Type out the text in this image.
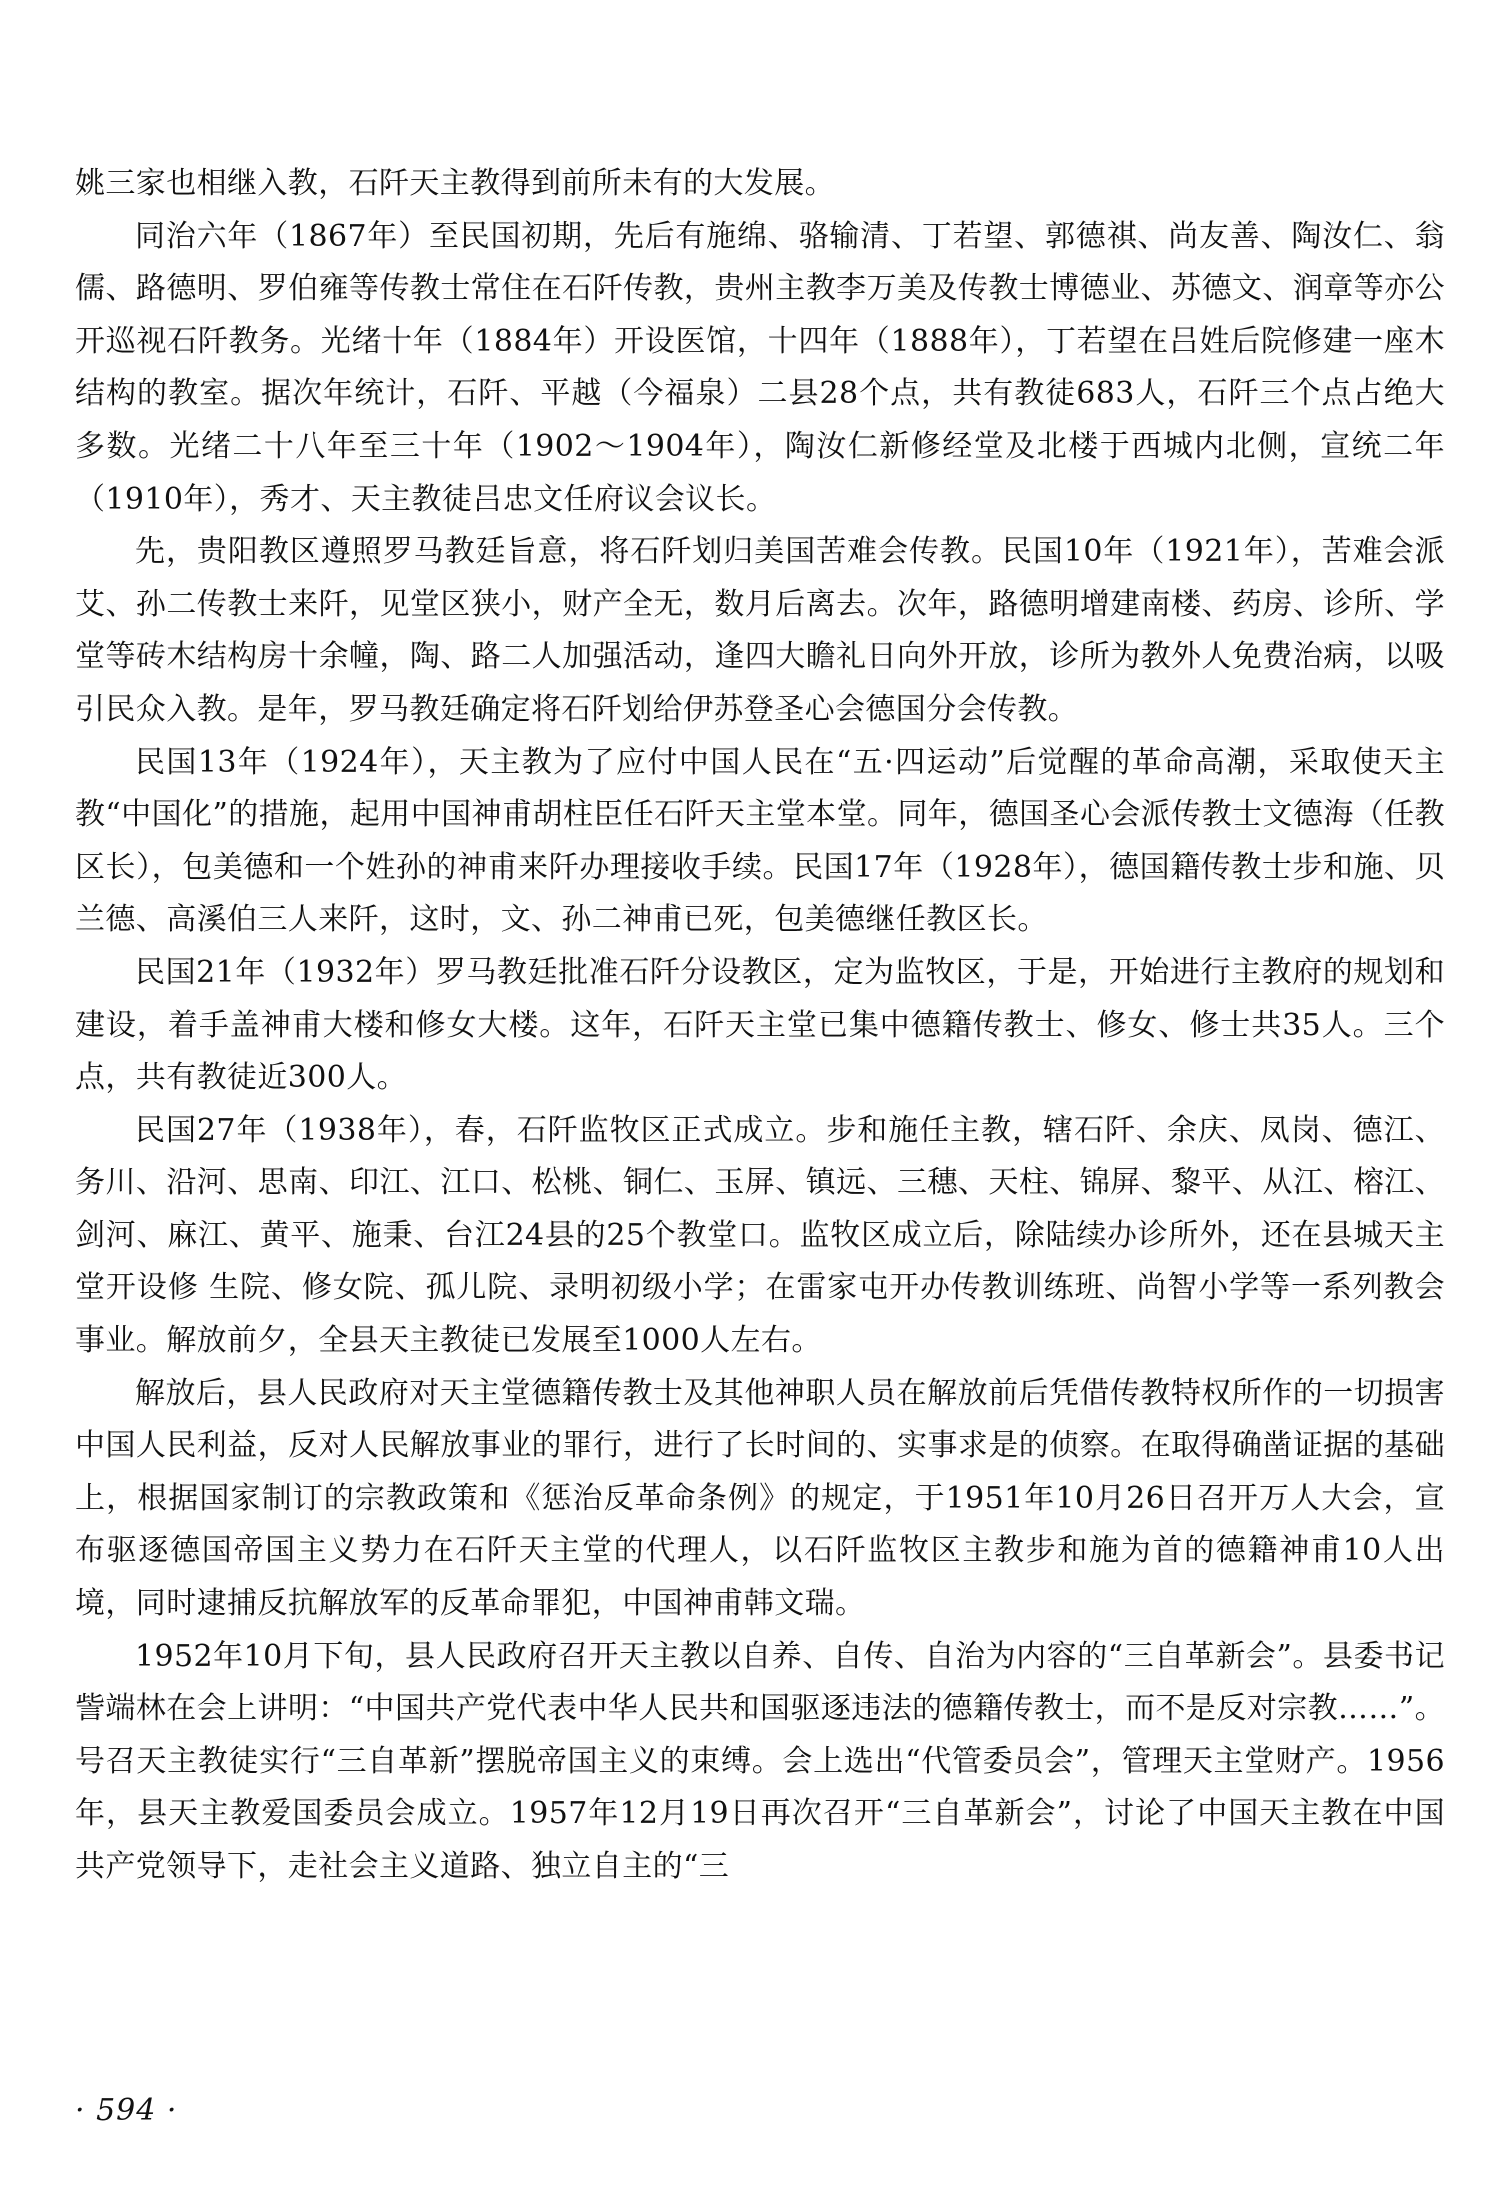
姚三家也相继入教，石阡天主教得到前所未有的大发展。

同治六年（1867年）至民国初期，先后有施绵、骆输清、丁若望、郭德祺、尚友善、陶汝仁、翁儒、路德明、罗伯雍等传教士常住在石阡传教，贵州主教李万美及传教士博德业、苏德文、润章等亦公开巡视石阡教务。光绪十年（1884年）开设医馆，十四年（1888年），丁若望在吕姓后院修建一座木结构的教室。据次年统计，石阡、平越（今福泉）二县28个点，共有教徒683人，石阡三个点占绝大多数。光绪二十八年至三十年（1902～1904年），陶汝仁新修经堂及北楼于西城内北侧，宣统二年（1910年），秀才、天主教徒吕忠文任府议会议长。

先，贵阳教区遵照罗马教廷旨意，将石阡划归美国苦难会传教。民国10年（1921年），苦难会派艾、孙二传教士来阡，见堂区狭小，财产全无，数月后离去。次年，路德明增建南楼、药房、诊所、学堂等砖木结构房十余幢，陶、路二人加强活动，逢四大瞻礼日向外开放，诊所为教外人免费治病，以吸引民众入教。是年，罗马教廷确定将石阡划给伊苏登圣心会德国分会传教。

民国13年（1924年），天主教为了应付中国人民在“五·四运动”后觉醒的革命高潮，采取使天主教“中国化”的措施，起用中国神甫胡柱臣任石阡天主堂本堂。同年，德国圣心会派传教士文德海（任教区长），包美德和一个姓孙的神甫来阡办理接收手续。民国17年（1928年），德国籍传教士步和施、贝兰德、高溪伯三人来阡，这时，文、孙二神甫已死，包美德继任教区长。

民国21年（1932年）罗马教廷批准石阡分设教区，定为监牧区，于是，开始进行主教府的规划和建设，着手盖神甫大楼和修女大楼。这年，石阡天主堂已集中德籍传教士、修女、修士共35人。三个点，共有教徒近300人。

民国27年（1938年），春，石阡监牧区正式成立。步和施任主教，辖石阡、余庆、凤岗、德江、务川、沿河、思南、印江、江口、松桃、铜仁、玉屏、镇远、三穗、天柱、锦屏、黎平、从江、榕江、剑河、麻江、黄平、施秉、台江24县的25个教堂口。监牧区成立后，除陆续办诊所外，还在县城天主堂开设修 生院、修女院、孤儿院、录明初级小学；在雷家屯开办传教训练班、尚智小学等一系列教会事业。解放前夕，全县天主教徒已发展至1000人左右。

解放后，县人民政府对天主堂德籍传教士及其他神职人员在解放前后凭借传教特权所作的一切损害中国人民利益，反对人民解放事业的罪行，进行了长时间的、实事求是的侦察。在取得确凿证据的基础上，根据国家制订的宗教政策和《惩治反革命条例》的规定，于1951年10月26日召开万人大会，宣布驱逐德国帝国主义势力在石阡天主堂的代理人，以石阡监牧区主教步和施为首的德籍神甫10人出境，同时逮捕反抗解放军的反革命罪犯，中国神甫韩文瑞。

1952年10月下旬，县人民政府召开天主教以自养、自传、自治为内容的“三自革新会”。县委书记訾端林在会上讲明：“中国共产党代表中华人民共和国驱逐违法的德籍传教士，而不是反对宗教……”。号召天主教徒实行“三自革新”摆脱帝国主义的束缚。会上选出“代管委员会”，管理天主堂财产。1956年，县天主教爱国委员会成立。1957年12月19日再次召开“三自革新会”，讨论了中国天主教在中国共产党领导下，走社会主义道路、独立自主的“三

· 594 ·
